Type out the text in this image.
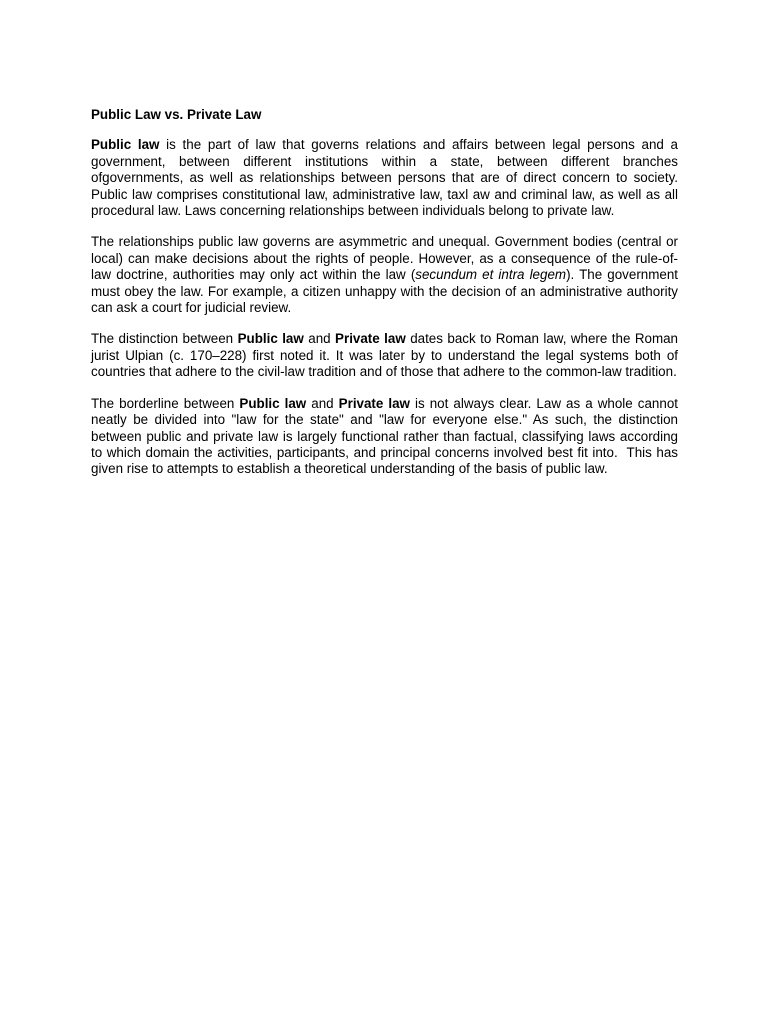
Public Law vs. Private Law

Public law is the part of law that governs relations and affairs between legal persons and a government, between different institutions within a state, between different branches ofgovernments, as well as relationships between persons that are of direct concern to society. Public law comprises constitutional law, administrative law, taxl aw and criminal law, as well as all procedural law. Laws concerning relationships between individuals belong to private law.

The relationships public law governs are asymmetric and unequal. Government bodies (central or local) can make decisions about the rights of people. However, as a consequence of the rule-of-law doctrine, authorities may only act within the law (secundum et intra legem). The government must obey the law. For example, a citizen unhappy with the decision of an administrative authority can ask a court for judicial review.

The distinction between Public law and Private law dates back to Roman law, where the Roman jurist Ulpian (c. 170–228) first noted it. It was later by to understand the legal systems both of countries that adhere to the civil-law tradition and of those that adhere to the common-law tradition.

The borderline between Public law and Private law is not always clear. Law as a whole cannot neatly be divided into "law for the state" and "law for everyone else." As such, the distinction between public and private law is largely functional rather than factual, classifying laws according to which domain the activities, participants, and principal concerns involved best fit into.  This has given rise to attempts to establish a theoretical understanding of the basis of public law.
